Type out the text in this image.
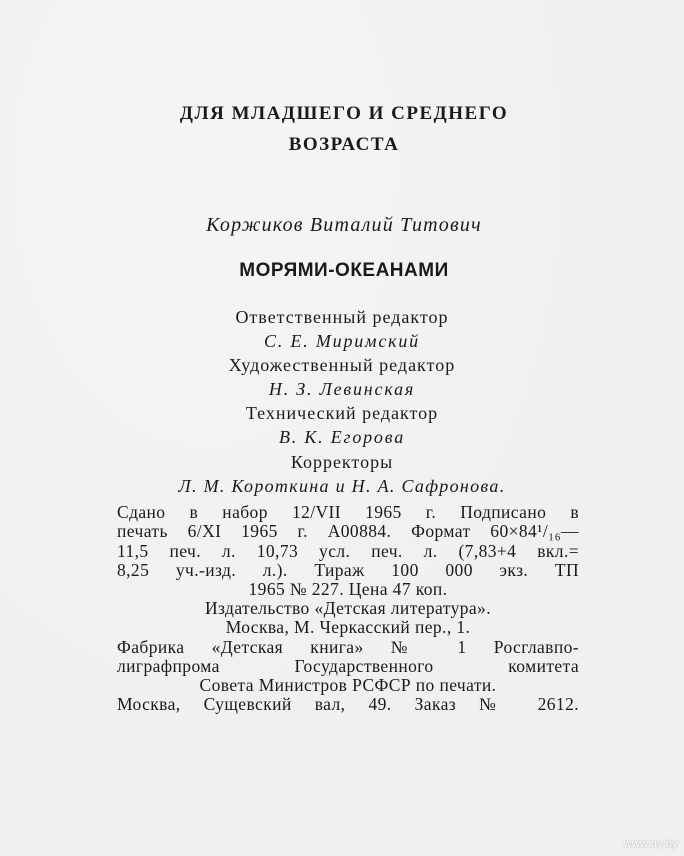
ДЛЯ МЛАДШЕГО И СРЕДНЕГО
ВОЗРАСТА
Коржиков Виталий Титович
МОРЯМИ-ОКЕАНАМИ
Ответственный редактор
С. Е. Миримский
Художественный редактор
Н. З. Левинская
Технический редактор
В. К. Егорова
Корректоры
Л. М. Короткина и Н. А. Сафронова.
Сдано в набор 12/VII 1965 г. Подписано в
печать 6/XI 1965 г. А00884. Формат 60×84¹/₁₆—
11,5 печ. л. 10,73 усл. печ. л. (7,83+4 вкл.=
8,25 уч.-изд. л.). Тираж 100 000 экз. ТП
1965 № 227. Цена 47 коп.
Издательство «Детская литература».
Москва, М. Черкасский пер., 1.
Фабрика «Детская книга» № 1 Росглавпо-
лиграфпрома Государственного комитета
Совета Министров РСФСР по печати.
Москва, Сущевский вал, 49. Заказ № 2612.
www.ay.by
